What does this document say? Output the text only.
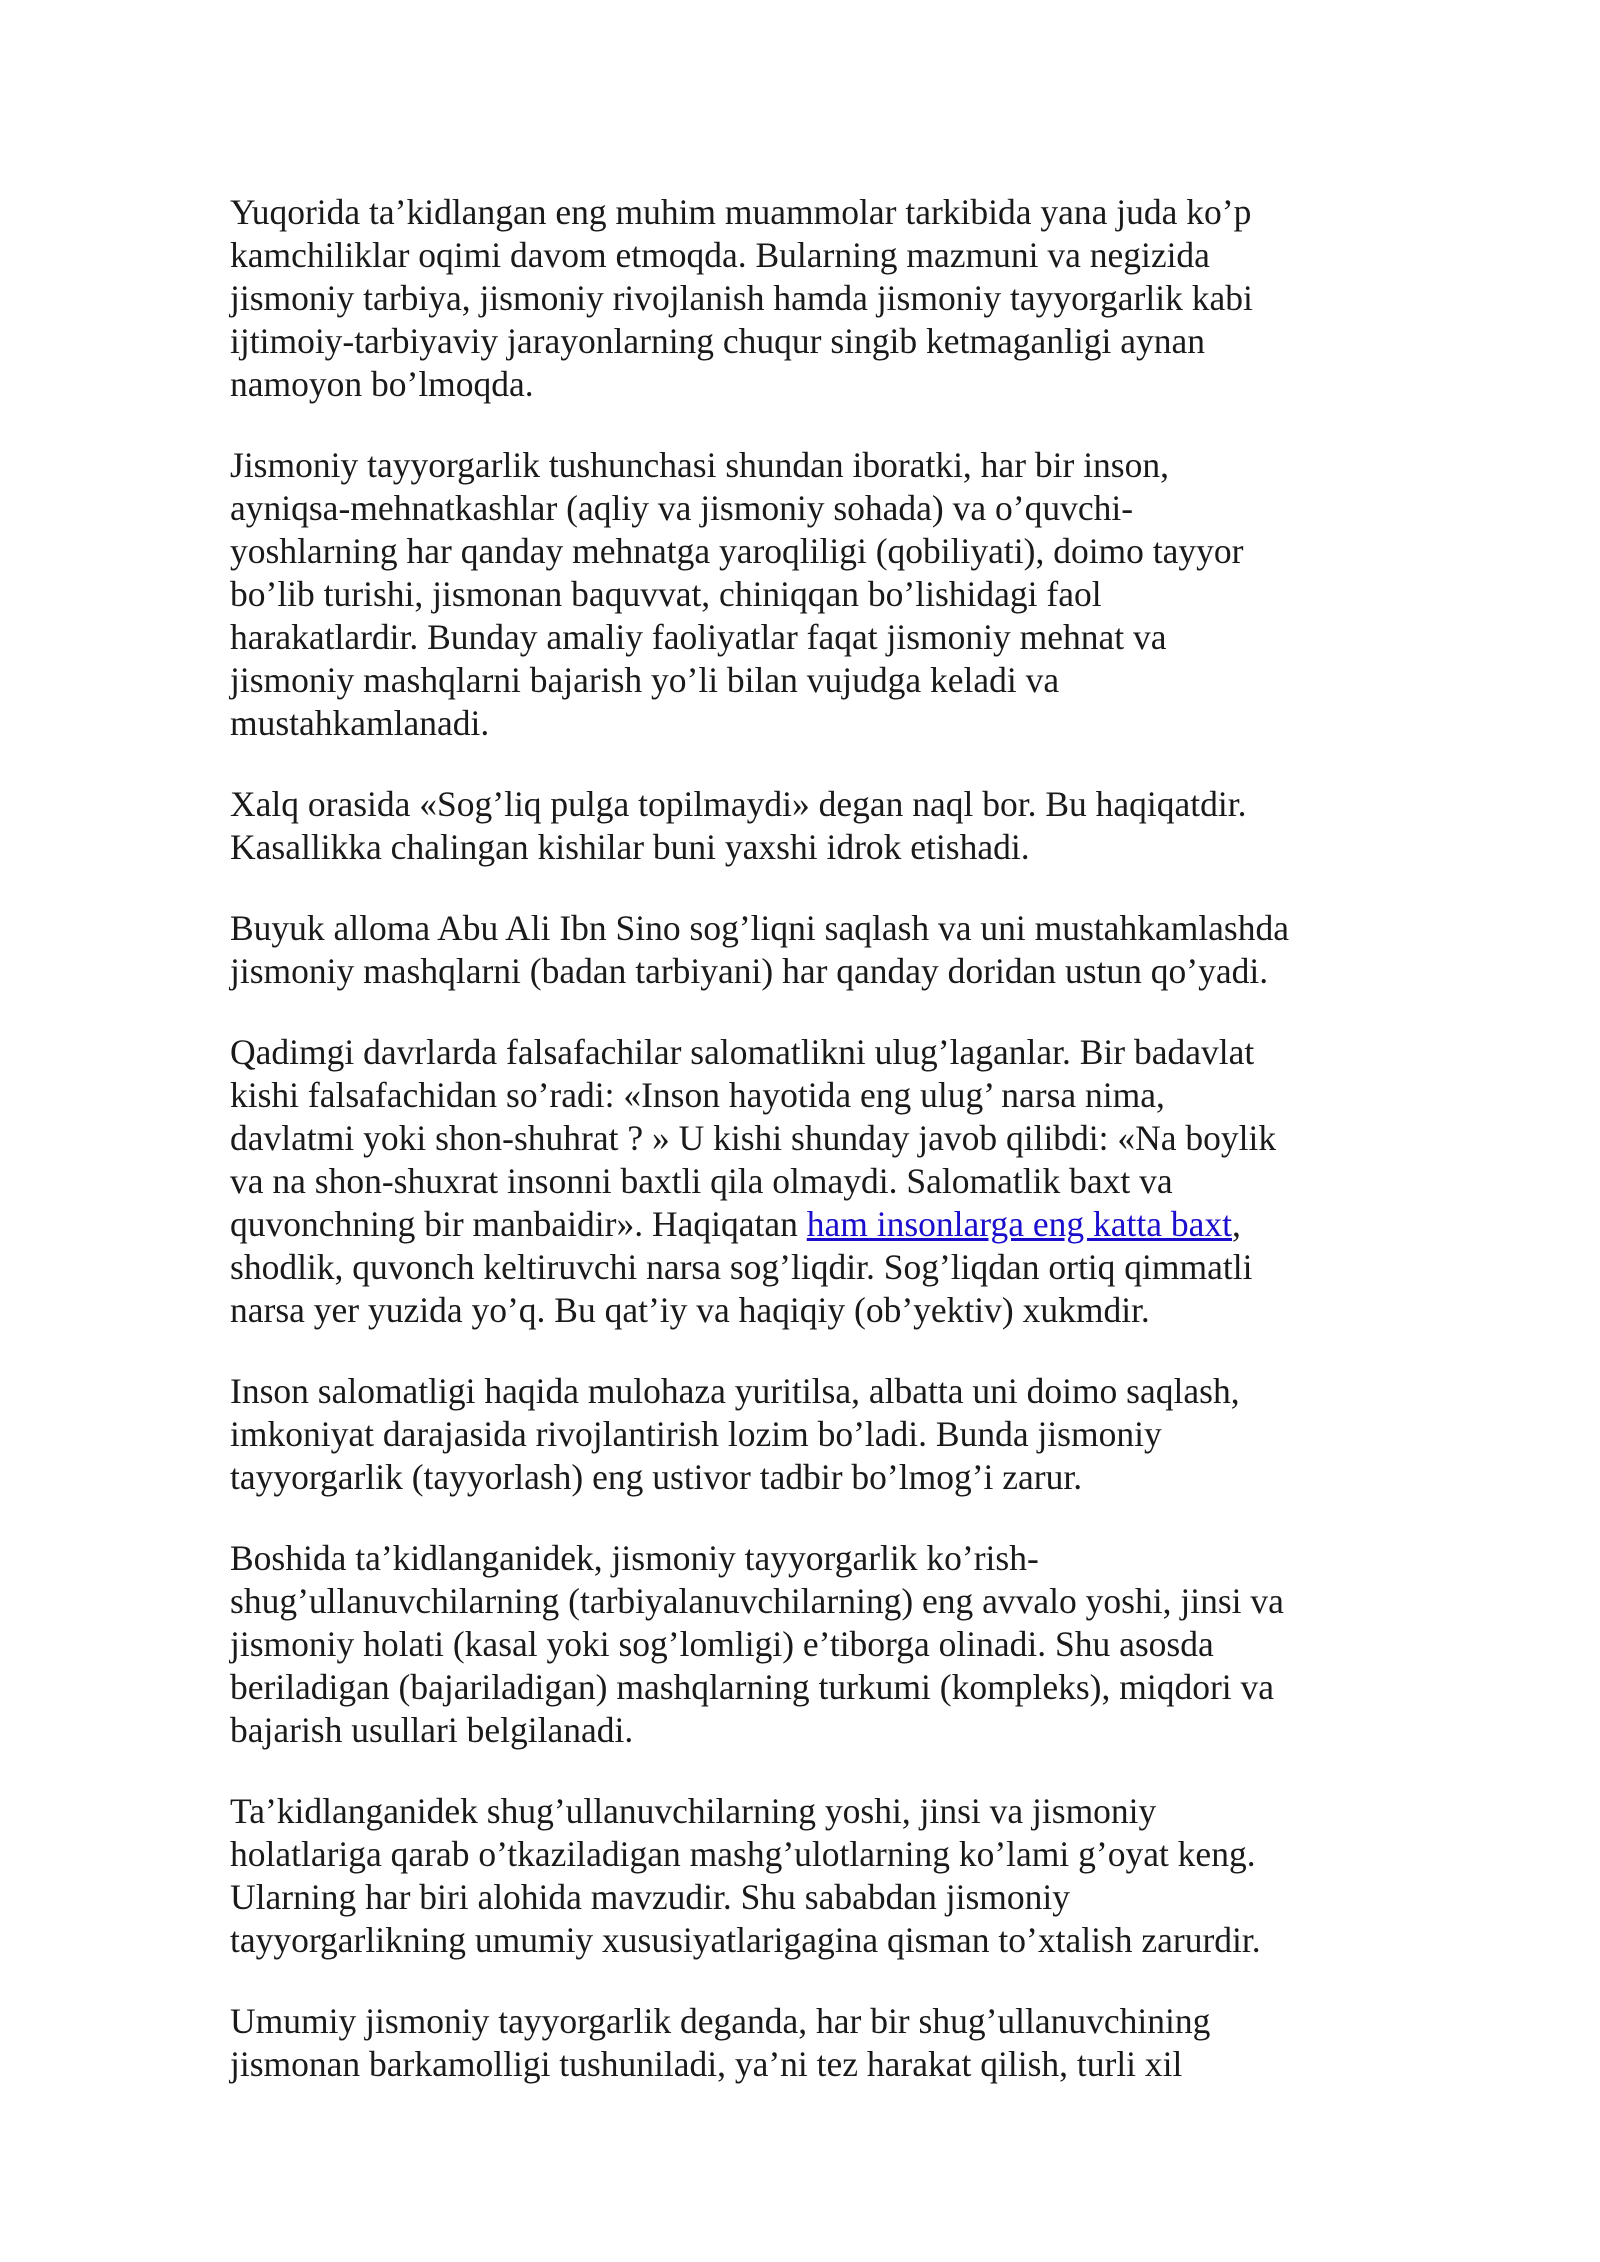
Yuqorida ta’kidlangan eng muhim muammolar tarkibida yana juda ko’p
kamchiliklar oqimi davom etmoqda. Bularning mazmuni va negizida
jismoniy tarbiya, jismoniy rivojlanish hamda jismoniy tayyorgarlik kabi
ijtimoiy-tarbiyaviy jarayonlarning chuqur singib ketmaganligi aynan
namoyon bo’lmoqda.

Jismoniy tayyorgarlik tushunchasi shundan iboratki, har bir inson,
ayniqsa-mehnatkashlar (aqliy va jismoniy sohada) va o’quvchi-
yoshlarning har qanday mehnatga yaroqliligi (qobiliyati), doimo tayyor
bo’lib turishi, jismonan baquvvat, chiniqqan bo’lishidagi faol
harakatlardir. Bunday amaliy faoliyatlar faqat jismoniy mehnat va
jismoniy mashqlarni bajarish yo’li bilan vujudga keladi va
mustahkamlanadi.

Xalq orasida «Sog’liq pulga topilmaydi» degan naql bor. Bu haqiqatdir.
Kasallikka chalingan kishilar buni yaxshi idrok etishadi.

Buyuk alloma Abu Ali Ibn Sino sog’liqni saqlash va uni mustahkamlashda
jismoniy mashqlarni (badan tarbiyani) har qanday doridan ustun qo’yadi.

Qadimgi davrlarda falsafachilar salomatlikni ulug’laganlar. Bir badavlat
kishi falsafachidan so’radi: «Inson hayotida eng ulug’ narsa nima,
davlatmi yoki shon-shuhrat ? » U kishi shunday javob qilibdi: «Na boylik
va na shon-shuxrat insonni baxtli qila olmaydi. Salomatlik baxt va
quvonchning bir manbaidir». Haqiqatan ham insonlarga eng katta baxt,
shodlik, quvonch keltiruvchi narsa sog’liqdir. Sog’liqdan ortiq qimmatli
narsa yer yuzida yo’q. Bu qat’iy va haqiqiy (ob’yektiv) xukmdir.

Inson salomatligi haqida mulohaza yuritilsa, albatta uni doimo saqlash,
imkoniyat darajasida rivojlantirish lozim bo’ladi. Bunda jismoniy
tayyorgarlik (tayyorlash) eng ustivor tadbir bo’lmog’i zarur.

Boshida ta’kidlanganidek, jismoniy tayyorgarlik ko’rish-
shug’ullanuvchilarning (tarbiyalanuvchilarning) eng avvalo yoshi, jinsi va
jismoniy holati (kasal yoki sog’lomligi) e’tiborga olinadi. Shu asosda
beriladigan (bajariladigan) mashqlarning turkumi (kompleks), miqdori va
bajarish usullari belgilanadi.

Ta’kidlanganidek shug’ullanuvchilarning yoshi, jinsi va jismoniy
holatlariga qarab o’tkaziladigan mashg’ulotlarning ko’lami g’oyat keng.
Ularning har biri alohida mavzudir. Shu sababdan jismoniy
tayyorgarlikning umumiy xususiyatlarigagina qisman to’xtalish zarurdir.

Umumiy jismoniy tayyorgarlik deganda, har bir shug’ullanuvchining
jismonan barkamolligi tushuniladi, ya’ni tez harakat qilish, turli xil
